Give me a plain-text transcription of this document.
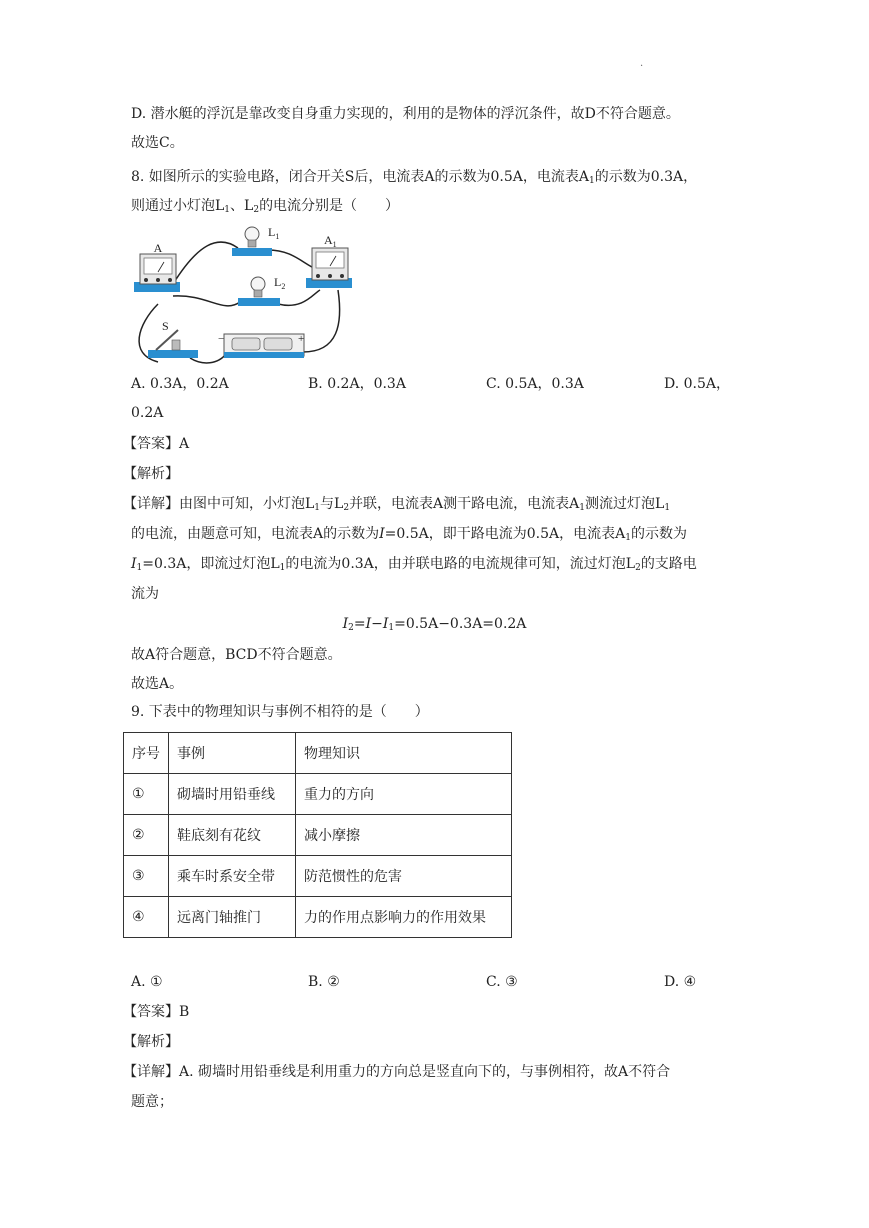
.
D. 潜水艇的浮沉是靠改变自身重力实现的，利用的是物体的浮沉条件，故D不符合题意。
故选C。
8. 如图所示的实验电路，闭合开关S后，电流表A的示数为0.5A，电流表$A_1$的示数为0.3A，
则通过小灯泡$L_1$、$L_2$的电流分别是（　　）
A
$L_1$	$A_1$
$L_2$
S
−	+
A. 0.3A，0.2A	B. 0.2A，0.3A	C. 0.5A，0.3A	D. 0.5A，
0.2A
【答案】A
【解析】
【详解】由图中可知，小灯泡$L_1$与$L_2$并联，电流表A测干路电流，电流表$A_1$测流过灯泡$L_1$
的电流，由题意可知，电流表A的示数为I=0.5A，即干路电流为0.5A，电流表$A_1$的示数为
$I_1=0.3A$，即流过灯泡$L_1$的电流为0.3A，由并联电路的电流规律可知，流过灯泡$L_2$的支路电
流为
$I_2=I-I_1=0.5A-0.3A=0.2A$
故A符合题意，BCD不符合题意。
故选A。
9. 下表中的物理知识与事例不相符的是（　　）
序号	事例	物理知识
①	砌墙时用铅垂线	重力的方向
②	鞋底刻有花纹	减小摩擦
③	乘车时系安全带	防范惯性的危害
④	远离门轴推门	力的作用点影响力的作用效果
A. ①	B. ②	C. ③	D. ④
【答案】B
【解析】
【详解】A. 砌墙时用铅垂线是利用重力的方向总是竖直向下的，与事例相符，故A不符合
题意；
